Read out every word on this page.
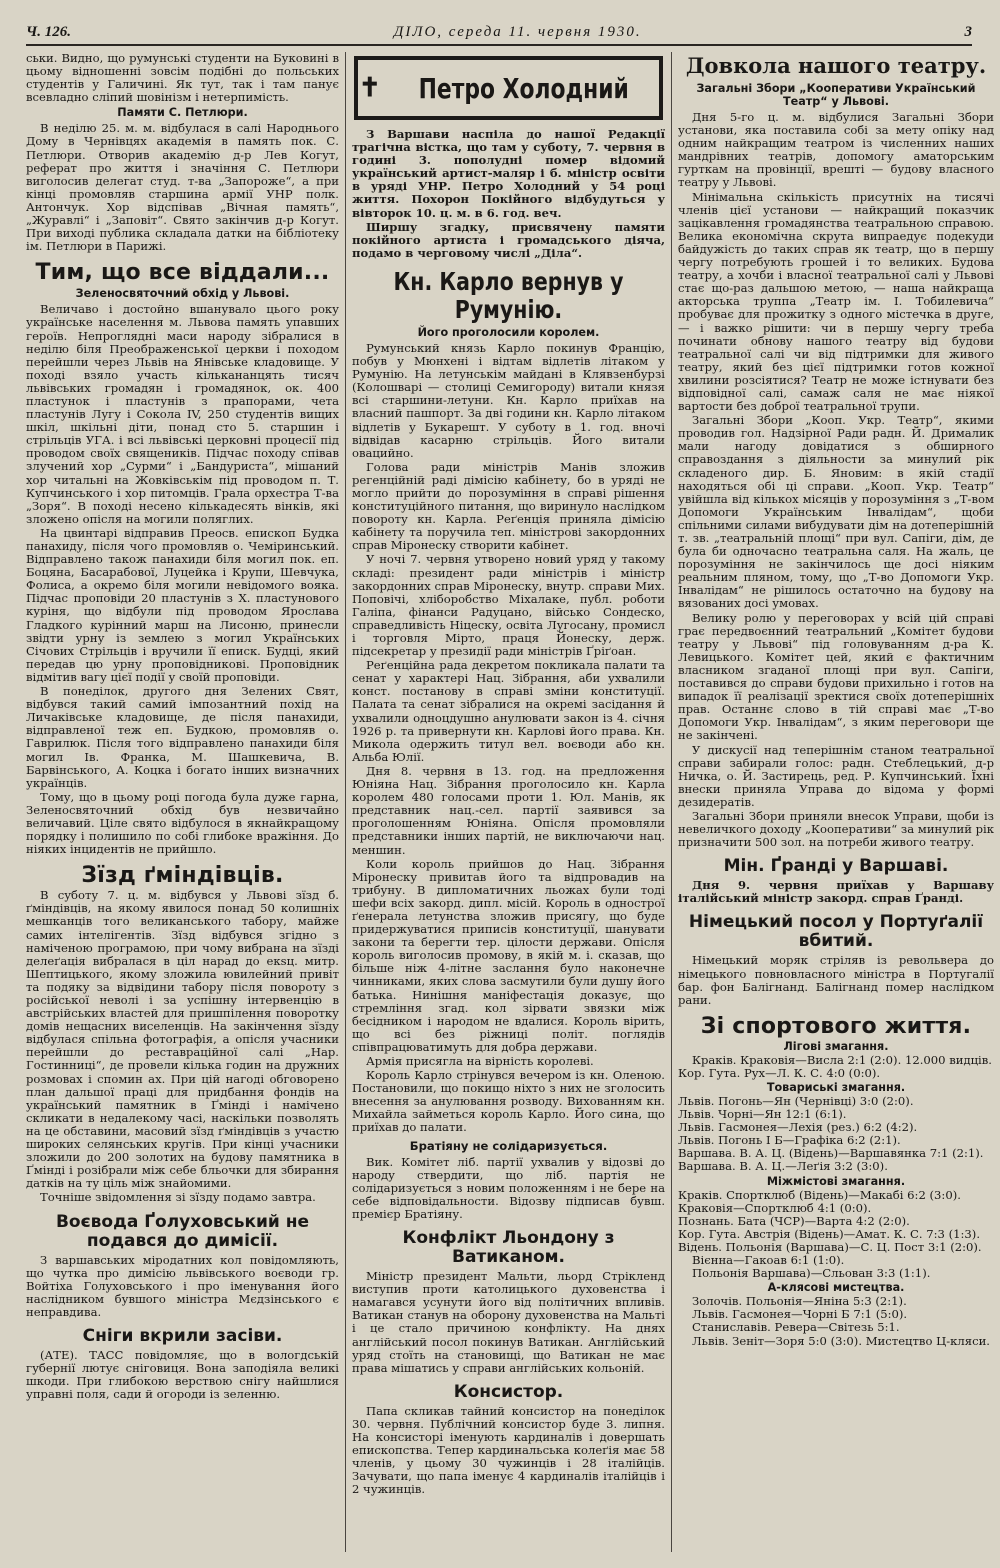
Ч. 126.	ДІЛО, середа 11. червня 1930.	3

ськи. Видно, що румунські студенти на Буковині в цьому відношенні зовсім подібні до польських студентів у Галичині. Як тут, так і там панує всевладно сліпий шовінізм і нетерпимість.

Памяти С. Петлюри.

В неділю 25. м. м. відбулася в салі Народнього Дому в Чернівцях академія в память пок. С. Петлюри. Отворив академію д-р Лев Когут, реферат про життя і значіння С. Петлюри виголосив делегат студ. т-ва „Запороже“, а при кінці промовляв старшина армії УНР полк. Антончук. Хор відспівав „Вічная память“, „Журавлі“ і „Заповіт“. Свято закінчив д-р Когут. При виході публика складала датки на бібліотеку ім. Петлюри в Парижі.

Тим, що все віддали...
Зеленосвяточний обхід у Львові.

Величаво і достойно вшанувало цього року українське населення м. Львова память упавших героїв. Непроглядні маси народу зібралися в неділю біля Преображенської церкви і походом перейшли через Львів на Янівське кладовище. У поході взяло участь кількананцять тисяч львівських громадян і громадянок, ок. 400 пластунок і пластунів з прапорами, чета пластунів Лугу і Сокола IV, 250 студентів вищих шкіл, шкільні діти, понад сто 5. старшин і стрільців УГА. і всі львівські церковні процесії під проводом своїх священиків. Підчас походу співав злучений хор „Сурми“ і „Бандуриста“, мішаний хор читальні на Жовківськім під проводом п. Т. Купчинського і хор питомців. Грала орхестра Т-ва „Зоря“. В поході несено кількадесять вінків, які зложено опісля на могили поляглих.

На цвинтарі відправив Преосв. епископ Будка панахиду, після чого промовляв о. Чеміринський. Відправлено також панахиди біля могил пок. еп. Боцяна, Басарабової, Луцейка і Крупи, Шевчука, Фолиса, а окремо біля могили невідомого вояка. Підчас проповіди 20 пластунів з Х. пластунового куріня, що відбули під проводом Ярослава Гладкого курінний марш на Лисоню, принесли звідти урну із землею з могил Українських Січових Стрільців і вручили її еписк. Будці, який передав цю урну проповідникові. Проповідник відмітив вагу цієї події у своїй проповіди.

В понеділок, другого дня Зелених Свят, відбувся такий самий імпозантний похід на Личаківське кладовище, де після панахиди, відправленої теж еп. Будкою, промовляв о. Гаврилюк. Після того відправлено панахиди біля могил Ів. Франка, М. Шашкевича, В. Барвінського, А. Коцка і богато інших визначних українців.

Тому, що в цьому році погода була дуже гарна, Зеленосвяточний обхід був незвичайно величавий. Ціле свято відбулося в якнайкращому порядку і полишило по собі глибоке вражіння. До ніяких інцидентів не прийшло.

Зїзд ґміндівців.

В суботу 7. ц. м. відбувся у Львові зїзд б. ґміндівців, на якому явилося понад 50 колишніх мешканців того великанського табору, майже самих інтелігентів. Зїзд відбувся згідно з наміченою програмою, при чому вибрана на зїзді делеґація вибралася в ціл нарад до екsц. митр. Шептицького, якому зложила ювилейний привіт та подяку за відвідини табору після повороту з російської неволі і за успішну інтервенцію в австрійських властей для пришпілення поворотку домів нещасних виселенців. На закінчення зїзду відбулася спільна фотографія, а опісля учасники перейшли до реставраційної салі „Нар. Гостинниці“, де провели кілька годин на дружних розмовах і спомин ах. При цій нагоді обговорено план дальшої праці для придбання фондів на український памятник в Ґмінді і намічено скликати в недалекому часі, наскільки позволять на це обставини, масовий зїзд ґміндівців з участю широких селянських кругів. При кінці учасники зложили до 200 золотих на будову памятника в Ґмінді і розібрали між себе бльочки для збирання датків на ту ціль між знайомими.

Точніше звідомлення зі зїзду подамо завтра.

Воєвода Ґолуховський не подався до димісії.

З варшавських міродатних кол повідомляють, що чутка про димісію львівського воєводи гр. Войтіха Голуховського і про іменування його наслідником бувшого міністра Мєдзінського є неправдива.

Сніги вкрили засіви.

(АТЕ). ТАСС повідомляє, що в вологдській губернії лютує сніговиця. Вона заподіяла великі шкоди. При глибокою верствою снігу найшлися управні поля, сади й огороди із зеленню.

✝ Петро Холодний

З Варшави наспіла до нашої Редакції трагічна вістка, що там у суботу, 7. червня в годині 3. пополудні помер відомий український артист-маляр і б. міністр освіти в уряді УНР. Петро Холодний у 54 році життя. Похорон Покійного відбудуться у вівторок 10. ц. м. в 6. год. веч.

Ширшу згадку, присвячену памяти покійного артиста і громадського діяча, подамо в черговому числі „Діла“.

Кн. Карло вернув у Румунію.
Його проголосили королем.

Румунський князь Карло покинув Францію, побув у Мюнхені і відтам відлетів літаком у Румунію. На летунськім майдані в Клявзенбурзі (Колошварі — столиці Семигороду) витали князя всі старшини-летуни. Кн. Карло приїхав на власний пашпорт. За дві години кн. Карло літаком відлетів у Букарешт. У суботу в 1. год. вночі відвідав касарню стрільців. Його витали овацийно.

Голова ради міністрів Манів зложив регенційній раді дімісію кабінету, бо в уряді не могло прийти до порозуміння в справі рішення конституційного питання, що виринуло наслідком повороту кн. Карла. Реґенція приняла дімісію кабінету та поручила теп. міністрові закордонних справ Міронеску створити кабінет.

У ночі 7. червня утворено новий уряд у такому складі: президент ради міністрів і міністр закордонних справ Міронеску, внутр. справи Мих. Поповічі, хліборобство Міхалаке, публ. роботи Галіпа, фінанси Радуцано, військо Сондеско, справедливість Ніцеску, освіта Лугосану, промисл і торговля Мірто, праця Йонеску, держ. підсекретар у президії ради міністрів Ґріґоан.

Реґенційна рада декретом покликала палати та сенат у характері Нац. Зібрання, аби ухвалили конст. постанову в справі зміни конституції. Палата та сенат зібралися на окремі засідання й ухвалили одноцдушно анулювати закон із 4. січня 1926 р. та привернути кн. Карлові його права. Кн. Микола одержить титул вел. воєводи або кн. Альба Юлії.

Дня 8. червня в 13. год. на предложення Юніяна Нац. Зібрання проголосило кн. Карла королем 480 голосами проти 1. Юл. Манів, як представник нац.-сел. партії заявився за проголошенням Юніяна. Опісля промовляли представники інших партій, не виключаючи нац. меншин.

Коли король прийшов до Нац. Зібрання Міронеску привитав його та відпровадив на трибуну. В дипломатичних льожах були тоді шефи всіх закорд. дипл. місій. Король в однострої ґенерала летунства зложив присягу, що буде придержуватися приписів конституції, шанувати закони та берегти тер. цілости держави. Опісля король виголосив промову, в якій м. і. сказав, що більше ніж 4-літне заслання було наконечне чинниками, яких слова засмутили були душу його батька. Нинішня манiфестація доказує, що стремління згад. кол зірвати звязки між бесідником і народом не вдалися. Король вірить, що всі без ріжниці політ. поглядів співпрацюватимуть для добра держави.

Армія присягла на вірність королеві.

Король Карло стрінувся вечером із кн. Оленою. Постановили, що покищо ніхто з них не зголосить внесення за анулювання розводу. Вихованням кн. Михайла займеться король Карло. Його сина, що приїхав до палати.

Братіяну не солідаризується.

Вик. Комітет ліб. партії ухвалив у відозві до народу ствердити, що ліб. партія не солідаризується з новим положенням і не бере на себе відповідальности. Відозву підписав бувш. премієр Братіяну.

Конфлікт Льондону з Ватиканом.

Міністр президент Мальти, льорд Стрікленд виступив проти католицького духовенства і намагався усунути його від політичних впливів. Ватикан станув на оборону духовенства на Мальті і це стало причиною конфлікту. На днях англійський посол покинув Ватикан. Англійський уряд стоїть на становищі, що Ватикан не має права мішатись у справи англійських кольоній.

Консистор.

Папа скликав тайний консистор на понеділок 30. червня. Публічний консистор буде 3. липня. На консисторі іменують кардиналів і довершать епископства. Тепер кардинальська колеґія має 58 членів, у цьому 30 чужинців і 28 італійців. Зачувати, що папа іменує 4 кардиналів італійців і 2 чужинців.

Довкола нашого театру.
Загальні Збори „Кооперативи Український Театр“ у Львові.

Дня 5-го ц. м. відбулися Загальні Збори установи, яка поставила собі за мету опіку над одним найкращим театром із численних наших мандрівних театрів, допомогу аматорським гурткам на провінції, врешті — будову власного театру у Львові.

Мінімальна скількість присутніх на тисячі членів цієї установи — найкращий показчик зацікавлення громадянства театральною справою. Велика економічна скрута випраедує подекуди байдужість до таких справ як театр, що в першу чергу потребують грошей і то великих. Будова театру, а хочби і власної театральної салі у Львові стає що-раз дальшою метою, — наша найкраща акторська труппа „Театр ім. І. Тобилевича“ пробуває для прожитку з одного містечка в друге, — і важко рішити: чи в першу чергу треба починати обнову нашого театру від будови театральної салі чи від підтримки для живого театру, який без цієї підтримки готов кожної хвилини розсіятися? Театр не може істнувати без відповідної салі, самаж саля не має ніякої вартости без доброї театральної трупи.

Загальні Збори „Кооп. Укр. Театр“, якими проводив гол. Надзірної Ради радн. Й. Дрималик мали нагоду довідатися з обширного справоздання з діяльности за минулий рік складеного дир. Б. Яновим: в якій стадії находяться обі ці справи. „Кооп. Укр. Театр“ увійшла від кількох місяців у порозуміння з „Т-вом Допомоги Українським Інвалідам“, щоби спільними силами вибудувати дім на дотеперішній т. зв. „театральній площі“ при вул. Сапіги, дім, де була би одночасно театральна саля. На жаль, це порозуміння не закінчилось ще досі ніяким реальним пляном, тому, що „Т-во Допомоги Укр. Інвалідам“ не рішилось остаточно на будову на вязованих досі умовах.

Велику ролю у переговорах у всій цій справі грає передвоєнний театральний „Комітет будови театру у Львові“ під головуванням д-ра К. Левицького. Комітет цей, який є фактичним власником згаданої площі при вул. Сапіги, поставився до справи будови прихильно і готов на випадок її реалізації зректися своїх дотеперішніх прав. Останнє слово в тій справі має „Т-во Допомоги Укр. Інвалідам“, з яким переговори ще не закінчені.

У дискусії над теперішнім станом театральної справи забирали голос: радн. Стеблецький, д-р Ничка, о. Й. Застирець, ред. Р. Купчинський. Їхні внески приняла Управа до відома у формі дезидератів.

Загальні Збори приняли внесок Управи, щоби із невеличкого доходу „Кооперативи“ за минулий рік призначити 500 зол. на потреби живого театру.

Мін. Ґранді у Варшаві.

Дня 9. червня приїхав у Варшаву італійський міністр закорд. справ Ґранді.

Німецький посол у Портуґалії вбитий.

Німецький моряк стріляв із револьвера до німецького повновласного міністра в Португалії бар. фон Балігнанд. Балігнанд помер наслідком рани.

Зі спортового життя.
Лігові змагання.
Краків. Краковія—Висла 2:1 (2:0). 12.000 видців.
Кор. Гута. Рух—Л. К. С. 4:0 (0:0).
Товариські змагання.
Львів. Погонь—Ян (Чернівці) 3:0 (2:0).
Львів. Чорні—Ян 12:1 (6:1).
Львів. Гасмонея—Лехія (рез.) 6:2 (4:2).
Львів. Погонь І Б—Графіка 6:2 (2:1).
Варшава. В. А. Ц. (Відень)—Варшавянка 7:1 (2:1).
Варшава. В. А. Ц.—Леґія 3:2 (3:0).
Міжмістові змагання.
Краків. Спортклюб (Відень)—Макабі 6:2 (3:0). Краковія—Спортклюб 4:1 (0:0).
Познань. Бата (ЧСР)—Варта 4:2 (2:0).
Кор. Гута. Австрія (Відень)—Амат. К. С. 7:3 (1:3).
Відень. Польонія (Варшава)—С. Ц. Пост 3:1 (2:0).
Вієнна—Гакоав 6:1 (1:0).
Польонія Варшава)—Сльован 3:3 (1:1).
А-клясові мистецтва.
Золочів. Польонія—Яніна 5:3 (2:1).
Львів. Гасмонея—Чорні Б 7:1 (5:0).
Станиславів. Ревера—Світезь 5:1.
Львів. Зеніт—Зоря 5:0 (3:0). Мистецтво Ц-кляси.
